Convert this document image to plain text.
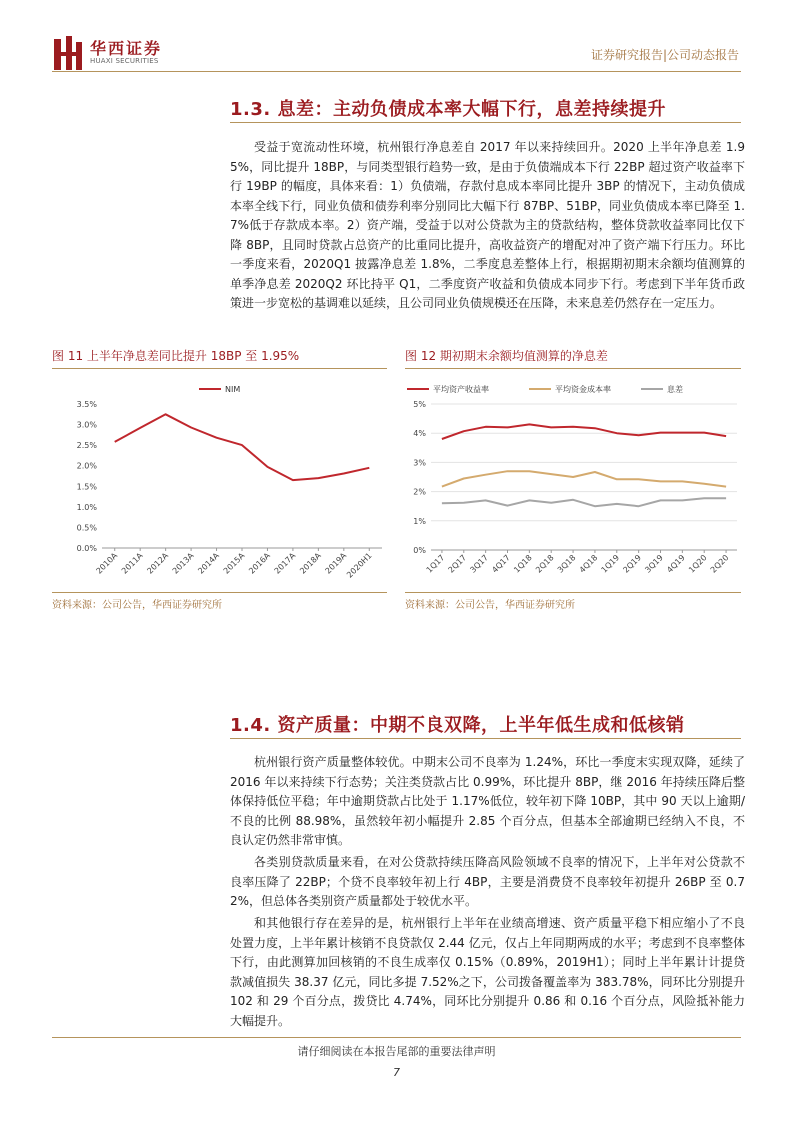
华西证券
HUAXI SECURITIES	证券研究报告|公司动态报告
1.3. 息差：主动负债成本率大幅下行，息差持续提升
受益于宽流动性环境，杭州银行净息差自 2017 年以来持续回升。2020 上半年净息差 1.95%，同比提升 18BP，与同类型银行趋势一致，是由于负债端成本下行 22BP 超过资产收益率下行 19BP 的幅度，具体来看：1）负债端，存款付息成本率同比提升 3BP 的情况下，主动负债成本率全线下行，同业负债和债券利率分别同比大幅下行 87BP、51BP，同业负债成本率已降至 1.7%低于存款成本率。2）资产端，受益于以对公贷款为主的贷款结构，整体贷款收益率同比仅下降 8BP，且同时贷款占总资产的比重同比提升，高收益资产的增配对冲了资产端下行压力。环比一季度来看，2020Q1 披露净息差 1.8%，二季度息差整体上行，根据期初期末余额均值测算的单季净息差 2020Q2 环比持平 Q1，二季度资产收益和负债成本同步下行。考虑到下半年货币政策进一步宽松的基调难以延续，且公司同业负债规模还在压降，未来息差仍然存在一定压力。
图 11 上半年净息差同比提升 18BP 至 1.95%
0.0%
0.5%
1.0%
1.5%
2.0%
2.5%
3.0%
3.5%
2010A 2011A 2012A 2013A 2014A 2015A 2016A 2017A 2018A 2019A
2020H1
NIM
资料来源：公司公告，华西证券研究所
图 12 期初期末余额均值测算的净息差
0%
1%
2%
3%
4%
5%
1Q17 2Q17 3Q17 4Q17 1Q18 2Q18 3Q18 4Q18 1Q19 2Q19 3Q19 4Q19 1Q20 2Q20
平均资产收益率	平均资金成本率	息差
资料来源：公司公告，华西证券研究所
1.4. 资产质量：中期不良双降，上半年低生成和低核销
杭州银行资产质量整体较优。中期末公司不良率为 1.24%，环比一季度末实现双降，延续了 2016 年以来持续下行态势；关注类贷款占比 0.99%，环比提升 8BP，继 2016 年持续压降后整体保持低位平稳；年中逾期贷款占比处于 1.17%低位，较年初下降 10BP，其中 90 天以上逾期/不良的比例 88.98%，虽然较年初小幅提升 2.85 个百分点，但基本全部逾期已经纳入不良，不良认定仍然非常审慎。
各类别贷款质量来看，在对公贷款持续压降高风险领域不良率的情况下，上半年对公贷款不良率压降了 22BP；个贷不良率较年初上行 4BP，主要是消费贷不良率较年初提升 26BP 至 0.72%，但总体各类别资产质量都处于较优水平。
和其他银行存在差异的是，杭州银行上半年在业绩高增速、资产质量平稳下相应缩小了不良处置力度，上半年累计核销不良贷款仅 2.44 亿元，仅占上年同期两成的水平；考虑到不良率整体下行，由此测算加回核销的不良生成率仅 0.15%（0.89%，2019H1）；同时上半年累计计提贷款减值损失 38.37 亿元，同比多提 7.52%之下，公司拨备覆盖率为 383.78%，同环比分别提升 102 和 29 个百分点，拨贷比 4.74%，同环比分别提升 0.86 和 0.16 个百分点，风险抵补能力大幅提升。
请仔细阅读在本报告尾部的重要法律声明
7
